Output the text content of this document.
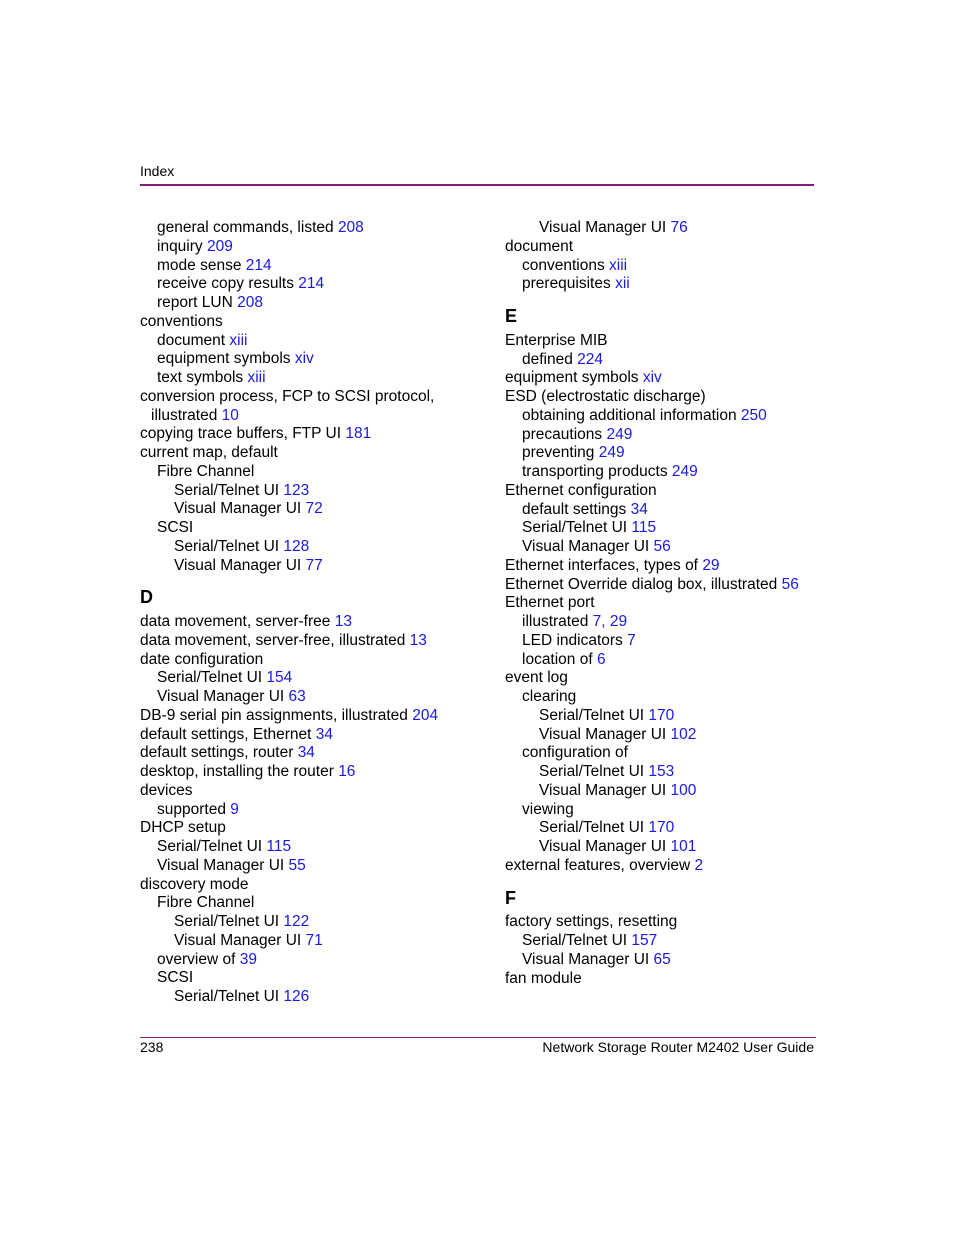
Index
general commands, listed 208
inquiry 209
mode sense 214
receive copy results 214
report LUN 208
conventions
document xiii
equipment symbols xiv
text symbols xiii
conversion process, FCP to SCSI protocol,
illustrated 10
copying trace buffers, FTP UI 181
current map, default
Fibre Channel
Serial/Telnet UI 123
Visual Manager UI 72
SCSI
Serial/Telnet UI 128
Visual Manager UI 77
D
data movement, server-free 13
data movement, server-free, illustrated 13
date configuration
Serial/Telnet UI 154
Visual Manager UI 63
DB-9 serial pin assignments, illustrated 204
default settings, Ethernet 34
default settings, router 34
desktop, installing the router 16
devices
supported 9
DHCP setup
Serial/Telnet UI 115
Visual Manager UI 55
discovery mode
Fibre Channel
Serial/Telnet UI 122
Visual Manager UI 71
overview of 39
SCSI
Serial/Telnet UI 126
Visual Manager UI 76
document
conventions xiii
prerequisites xii
E
Enterprise MIB
defined 224
equipment symbols xiv
ESD (electrostatic discharge)
obtaining additional information 250
precautions 249
preventing 249
transporting products 249
Ethernet configuration
default settings 34
Serial/Telnet UI 115
Visual Manager UI 56
Ethernet interfaces, types of 29
Ethernet Override dialog box, illustrated 56
Ethernet port
illustrated 7, 29
LED indicators 7
location of 6
event log
clearing
Serial/Telnet UI 170
Visual Manager UI 102
configuration of
Serial/Telnet UI 153
Visual Manager UI 100
viewing
Serial/Telnet UI 170
Visual Manager UI 101
external features, overview 2
F
factory settings, resetting
Serial/Telnet UI 157
Visual Manager UI 65
fan module
238	Network Storage Router M2402 User Guide
